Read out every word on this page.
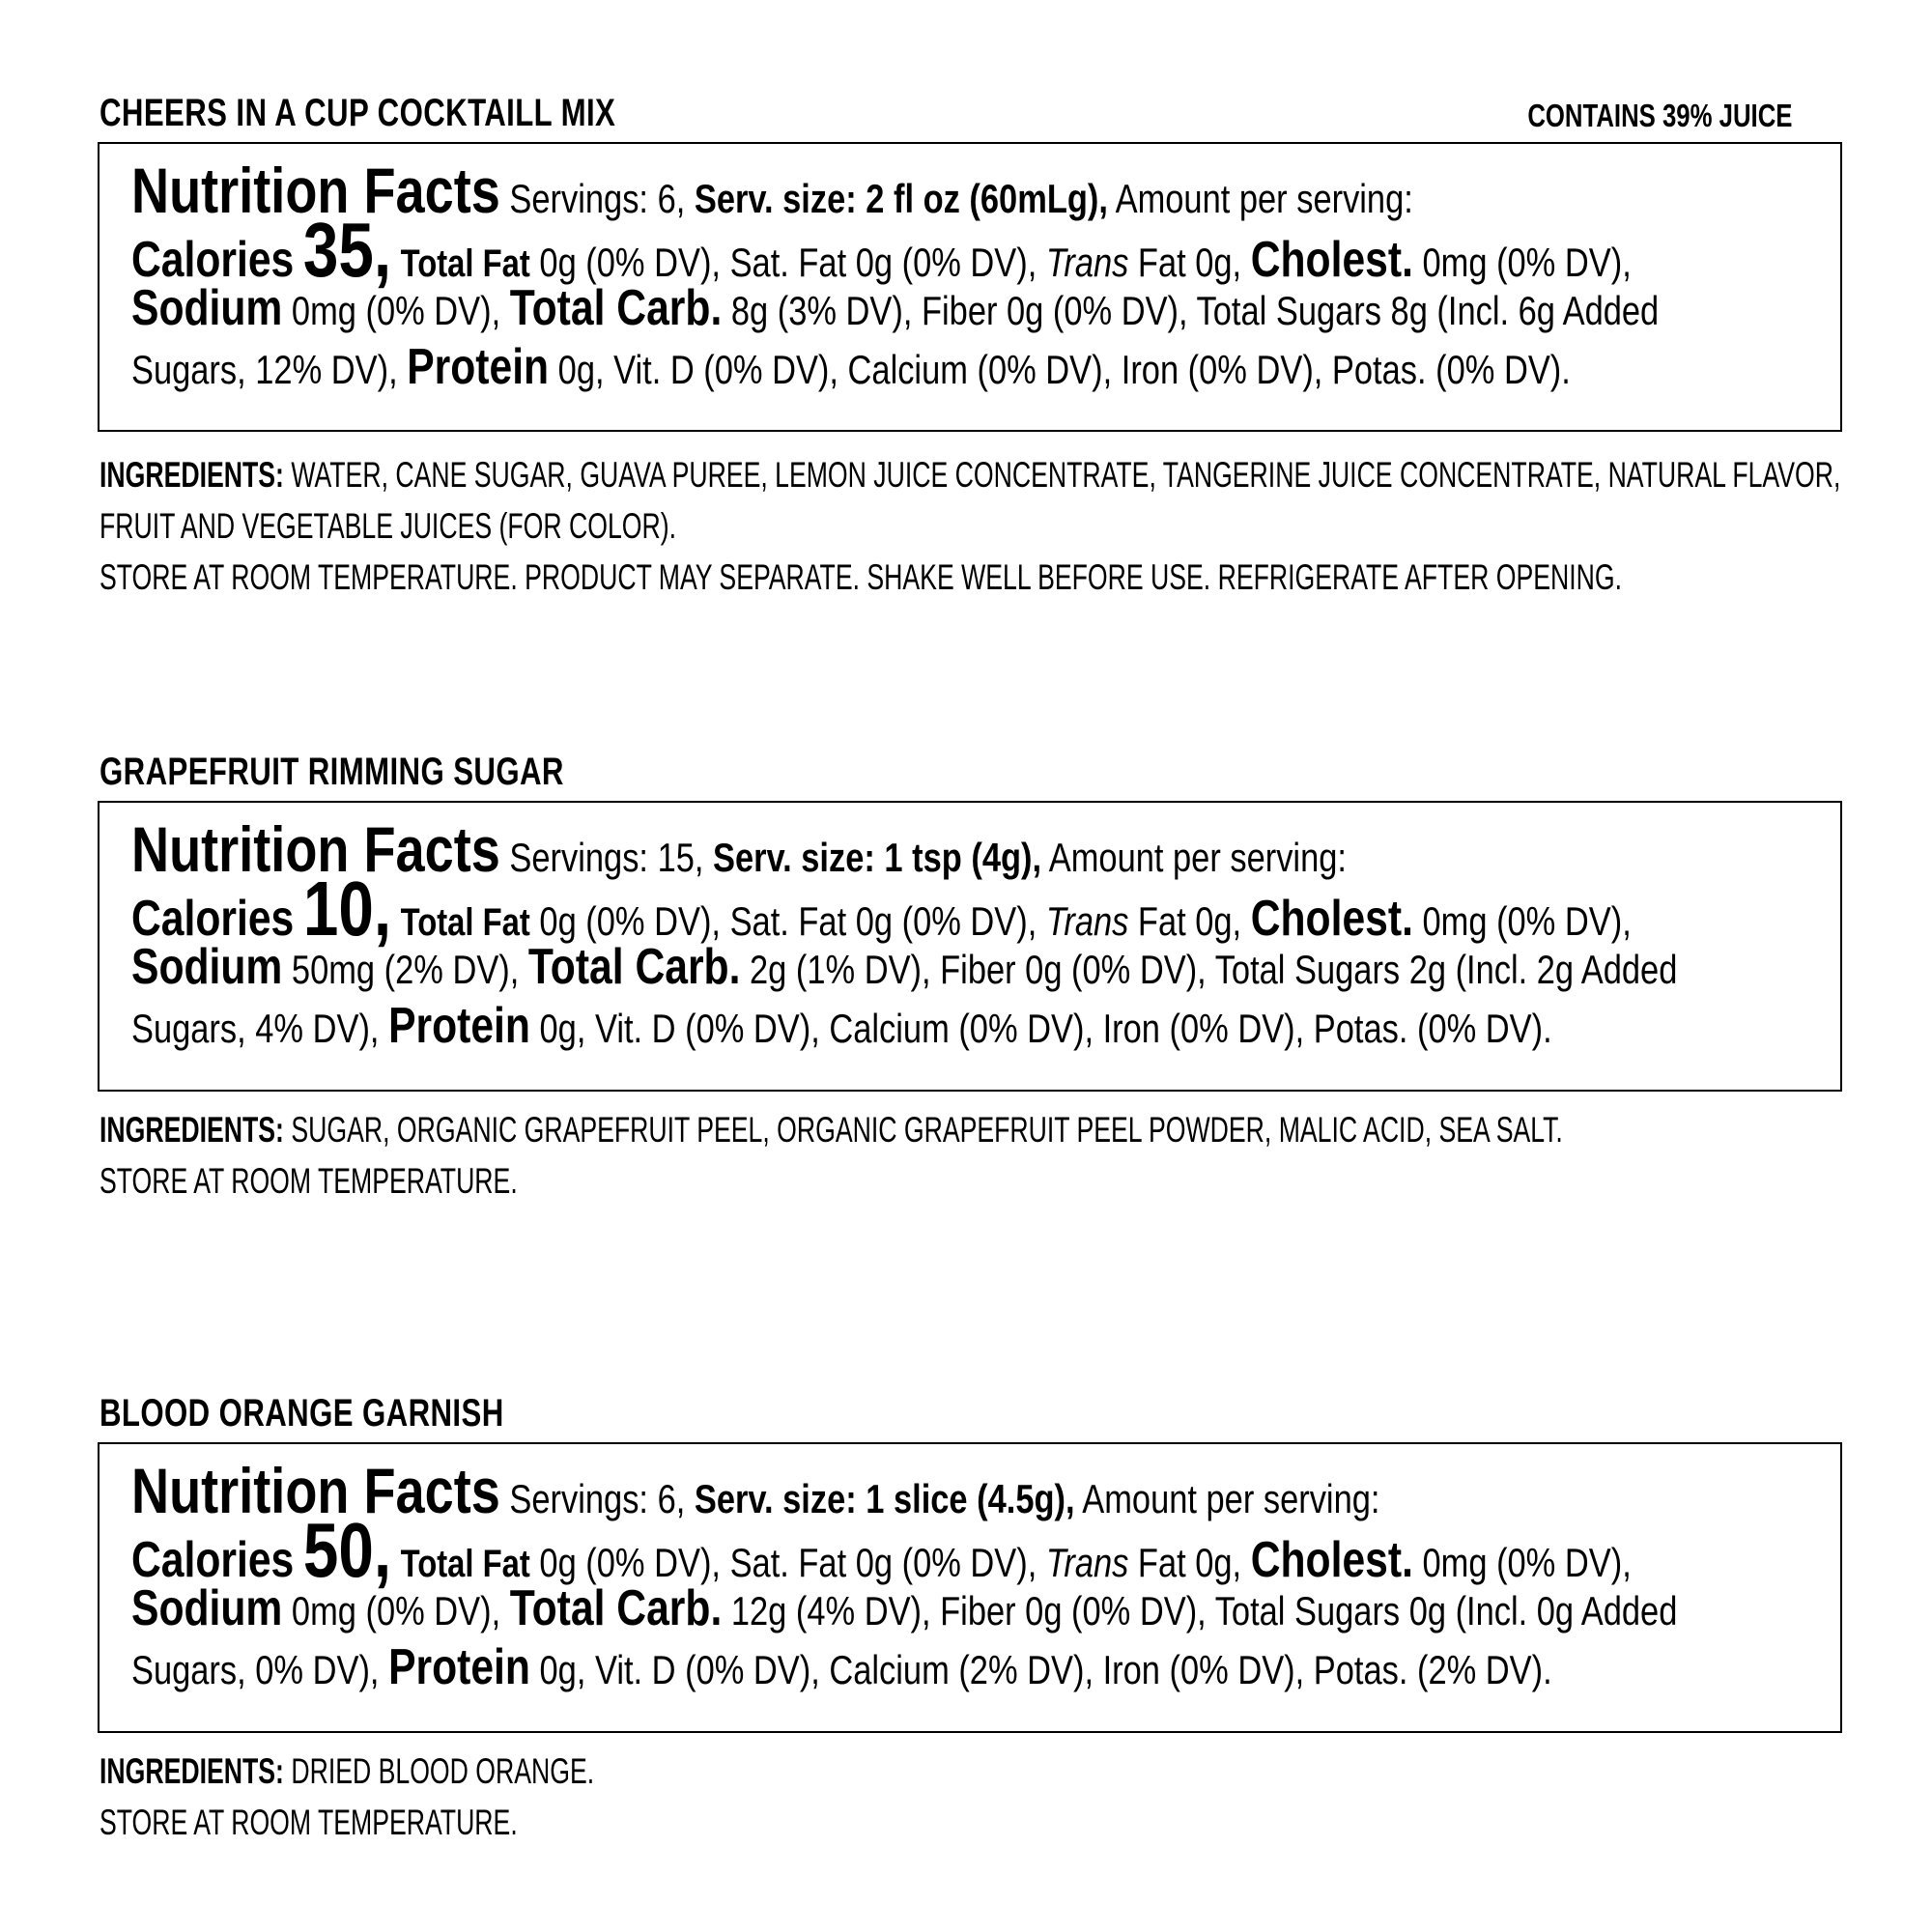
CHEERS IN A CUP COCKTAILL MIX	CONTAINS 39% JUICE
Nutrition Facts Servings: 6, Serv. size: 2 fl oz (60mLg), Amount per serving:
Calories 35, Total Fat 0g (0% DV), Sat. Fat 0g (0% DV), Trans Fat 0g, Cholest. 0mg (0% DV),
Sodium 0mg (0% DV), Total Carb. 8g (3% DV), Fiber 0g (0% DV), Total Sugars 8g (Incl. 6g Added
Sugars, 12% DV), Protein 0g, Vit. D (0% DV), Calcium (0% DV), Iron (0% DV), Potas. (0% DV).
INGREDIENTS: WATER, CANE SUGAR, GUAVA PUREE, LEMON JUICE CONCENTRATE, TANGERINE JUICE CONCENTRATE, NATURAL FLAVOR,
FRUIT AND VEGETABLE JUICES (FOR COLOR).
STORE AT ROOM TEMPERATURE. PRODUCT MAY SEPARATE. SHAKE WELL BEFORE USE. REFRIGERATE AFTER OPENING.
GRAPEFRUIT RIMMING SUGAR
Nutrition Facts Servings: 15, Serv. size: 1 tsp (4g), Amount per serving:
Calories 10, Total Fat 0g (0% DV), Sat. Fat 0g (0% DV), Trans Fat 0g, Cholest. 0mg (0% DV),
Sodium 50mg (2% DV), Total Carb. 2g (1% DV), Fiber 0g (0% DV), Total Sugars 2g (Incl. 2g Added
Sugars, 4% DV), Protein 0g, Vit. D (0% DV), Calcium (0% DV), Iron (0% DV), Potas. (0% DV).
INGREDIENTS: SUGAR, ORGANIC GRAPEFRUIT PEEL, ORGANIC GRAPEFRUIT PEEL POWDER, MALIC ACID, SEA SALT.
STORE AT ROOM TEMPERATURE.
BLOOD ORANGE GARNISH
Nutrition Facts Servings: 6, Serv. size: 1 slice (4.5g), Amount per serving:
Calories 50, Total Fat 0g (0% DV), Sat. Fat 0g (0% DV), Trans Fat 0g, Cholest. 0mg (0% DV),
Sodium 0mg (0% DV), Total Carb. 12g (4% DV), Fiber 0g (0% DV), Total Sugars 0g (Incl. 0g Added
Sugars, 0% DV), Protein 0g, Vit. D (0% DV), Calcium (2% DV), Iron (0% DV), Potas. (2% DV).
INGREDIENTS: DRIED BLOOD ORANGE.
STORE AT ROOM TEMPERATURE.
